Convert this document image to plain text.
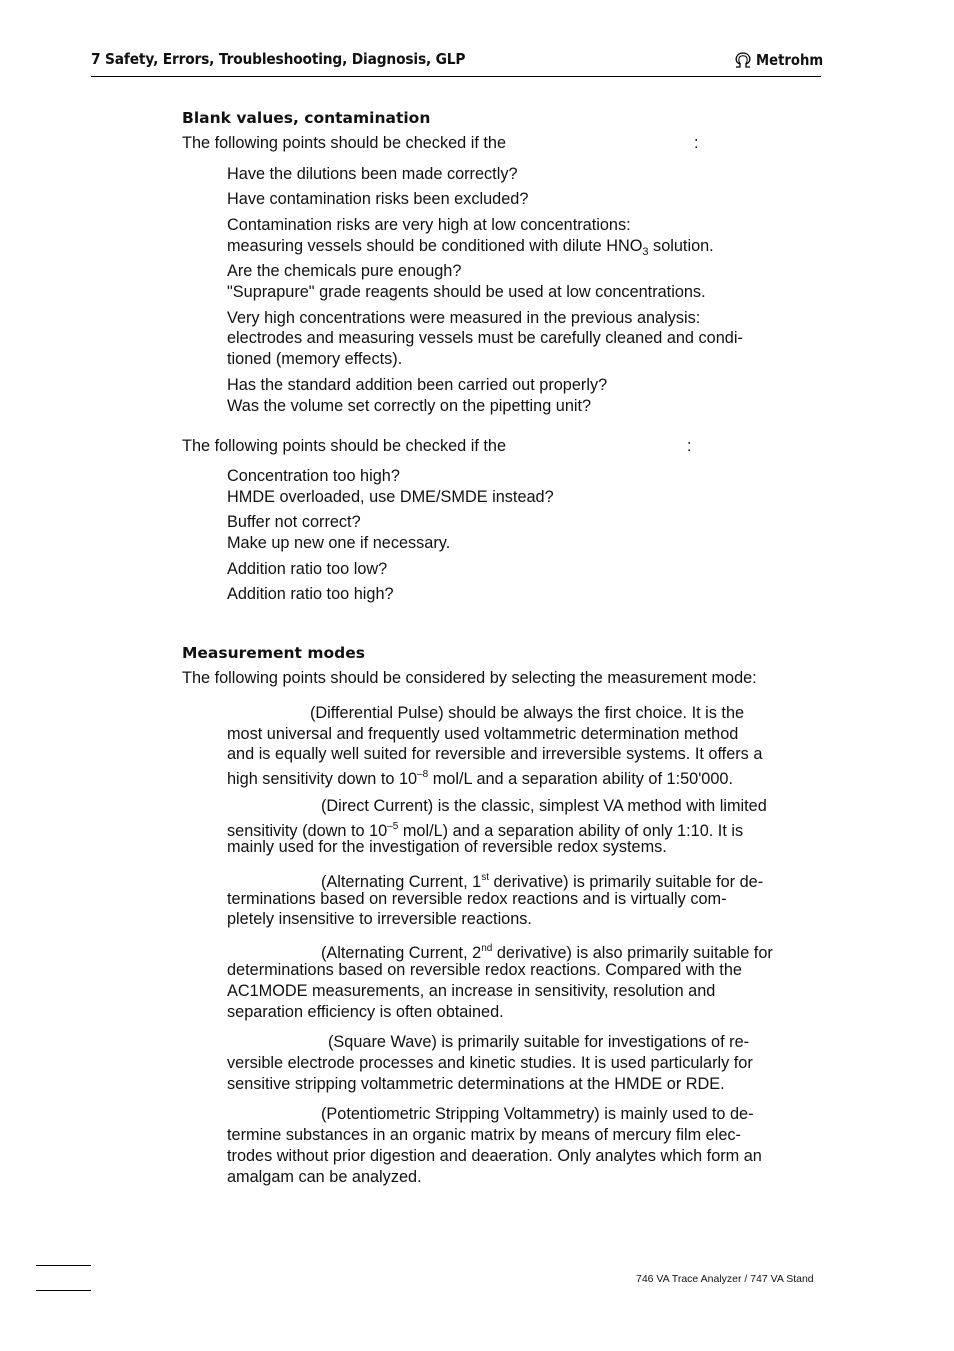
7 Safety, Errors, Troubleshooting, Diagnosis, GLP	Metrohm
Blank values, contamination
The following points should be checked if the	:
Have the dilutions been made correctly?
Have contamination risks been excluded?
Contamination risks are very high at low concentrations:
measuring vessels should be conditioned with dilute $HNO_3$ solution.
Are the chemicals pure enough?
"Suprapure" grade reagents should be used at low concentrations.
Very high concentrations were measured in the previous analysis:
electrodes and measuring vessels must be carefully cleaned and condi-
tioned (memory effects).
Has the standard addition been carried out properly?
Was the volume set correctly on the pipetting unit?
The following points should be checked if the	:
Concentration too high?
HMDE overloaded, use DME/SMDE instead?
Buffer not correct?
Make up new one if necessary.
Addition ratio too low?
Addition ratio too high?
Measurement modes
The following points should be considered by selecting the measurement mode:
(Differential Pulse) should be always the first choice. It is the
most universal and frequently used voltammetric determination method
and is equally well suited for reversible and irreversible systems. It offers a
high sensitivity down to $10^{-8}$ mol/L and a separation ability of 1:50'000.
(Direct Current) is the classic, simplest VA method with limited
sensitivity (down to $10^{-5}$ mol/L) and a separation ability of only 1:10. It is
mainly used for the investigation of reversible redox systems.
(Alternating Current, 1st derivative) is primarily suitable for de-
terminations based on reversible redox reactions and is virtually com-
pletely insensitive to irreversible reactions.
(Alternating Current, 2nd derivative) is also primarily suitable for
determinations based on reversible redox reactions. Compared with the
AC1MODE measurements, an increase in sensitivity, resolution and
separation efficiency is often obtained.
(Square Wave) is primarily suitable for investigations of re-
versible electrode processes and kinetic studies. It is used particularly for
sensitive stripping voltammetric determinations at the HMDE or RDE.
(Potentiometric Stripping Voltammetry) is mainly used to de-
termine substances in an organic matrix by means of mercury film elec-
trodes without prior digestion and deaeration. Only analytes which form an
amalgam can be analyzed.
746 VA Trace Analyzer / 747 VA Stand
